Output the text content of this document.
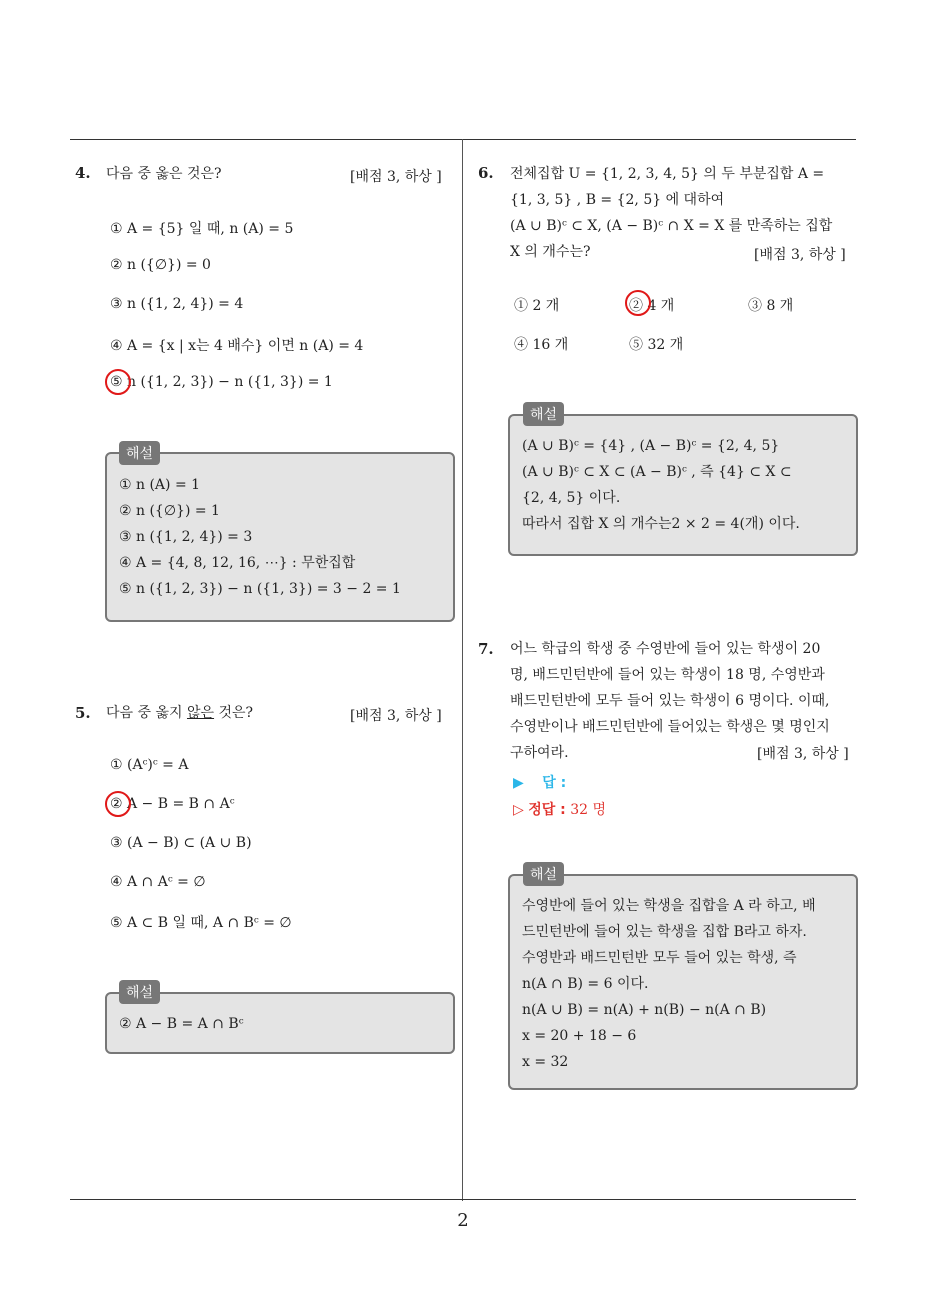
4. 다음 중 옳은 것은?	[배점 3, 하상 ]
① A = {5} 일 때, n (A) = 5
② n ({∅}) = 0
③ n ({1, 2, 4}) = 4
④ A = {x | x는 4 배수} 이면 n (A) = 4
⑤ n ({1, 2, 3}) − n ({1, 3}) = 1
① n (A) = 1
② n ({∅}) = 1
③ n ({1, 2, 4}) = 3
④ A = {4, 8, 12, 16, ⋯} : 무한집합
⑤ n ({1, 2, 3}) − n ({1, 3}) = 3 − 2 = 1
해설
5. 다음 중 옳지 않은 것은?	[배점 3, 하상 ]
① (Aᶜ)ᶜ = A
② A − B = B ∩ Aᶜ
③ (A − B) ⊂ (A ∪ B)
④ A ∩ Aᶜ = ∅
⑤ A ⊂ B 일 때, A ∩ Bᶜ = ∅
② A − B = A ∩ Bᶜ
해설
6. 전체집합 U = {1, 2, 3, 4, 5} 의 두 부분집합 A =
{1, 3, 5} , B = {2, 5} 에 대하여
(A ∪ B)ᶜ ⊂ X, (A − B)ᶜ ∩ X = X 를 만족하는 집합
X 의 개수는?	[배점 3, 하상 ]
① 2 개	② 4 개	③ 8 개
④ 16 개	⑤ 32 개
(A ∪ B)ᶜ = {4} , (A − B)ᶜ = {2, 4, 5}
(A ∪ B)ᶜ ⊂ X ⊂ (A − B)ᶜ , 즉 {4} ⊂ X ⊂
{2, 4, 5} 이다.
따라서 집합 X 의 개수는2 × 2 = 4(개) 이다.
해설
7. 어느 학급의 학생 중 수영반에 들어 있는 학생이 20
명, 배드민턴반에 들어 있는 학생이 18 명, 수영반과
배드민턴반에 모두 들어 있는 학생이 6 명이다. 이때,
수영반이나 배드민턴반에 들어있는 학생은 몇 명인지
구하여라.	[배점 3, 하상 ]
▶ 답 :
▷ 정답 : 32 명
수영반에 들어 있는 학생을 집합을 A 라 하고, 배
드민턴반에 들어 있는 학생을 집합 B라고 하자.
수영반과 배드민턴반 모두 들어 있는 학생, 즉
n(A ∩ B) = 6 이다.
n(A ∪ B) = n(A) + n(B) − n(A ∩ B)
x = 20 + 18 − 6
x = 32
해설
2
